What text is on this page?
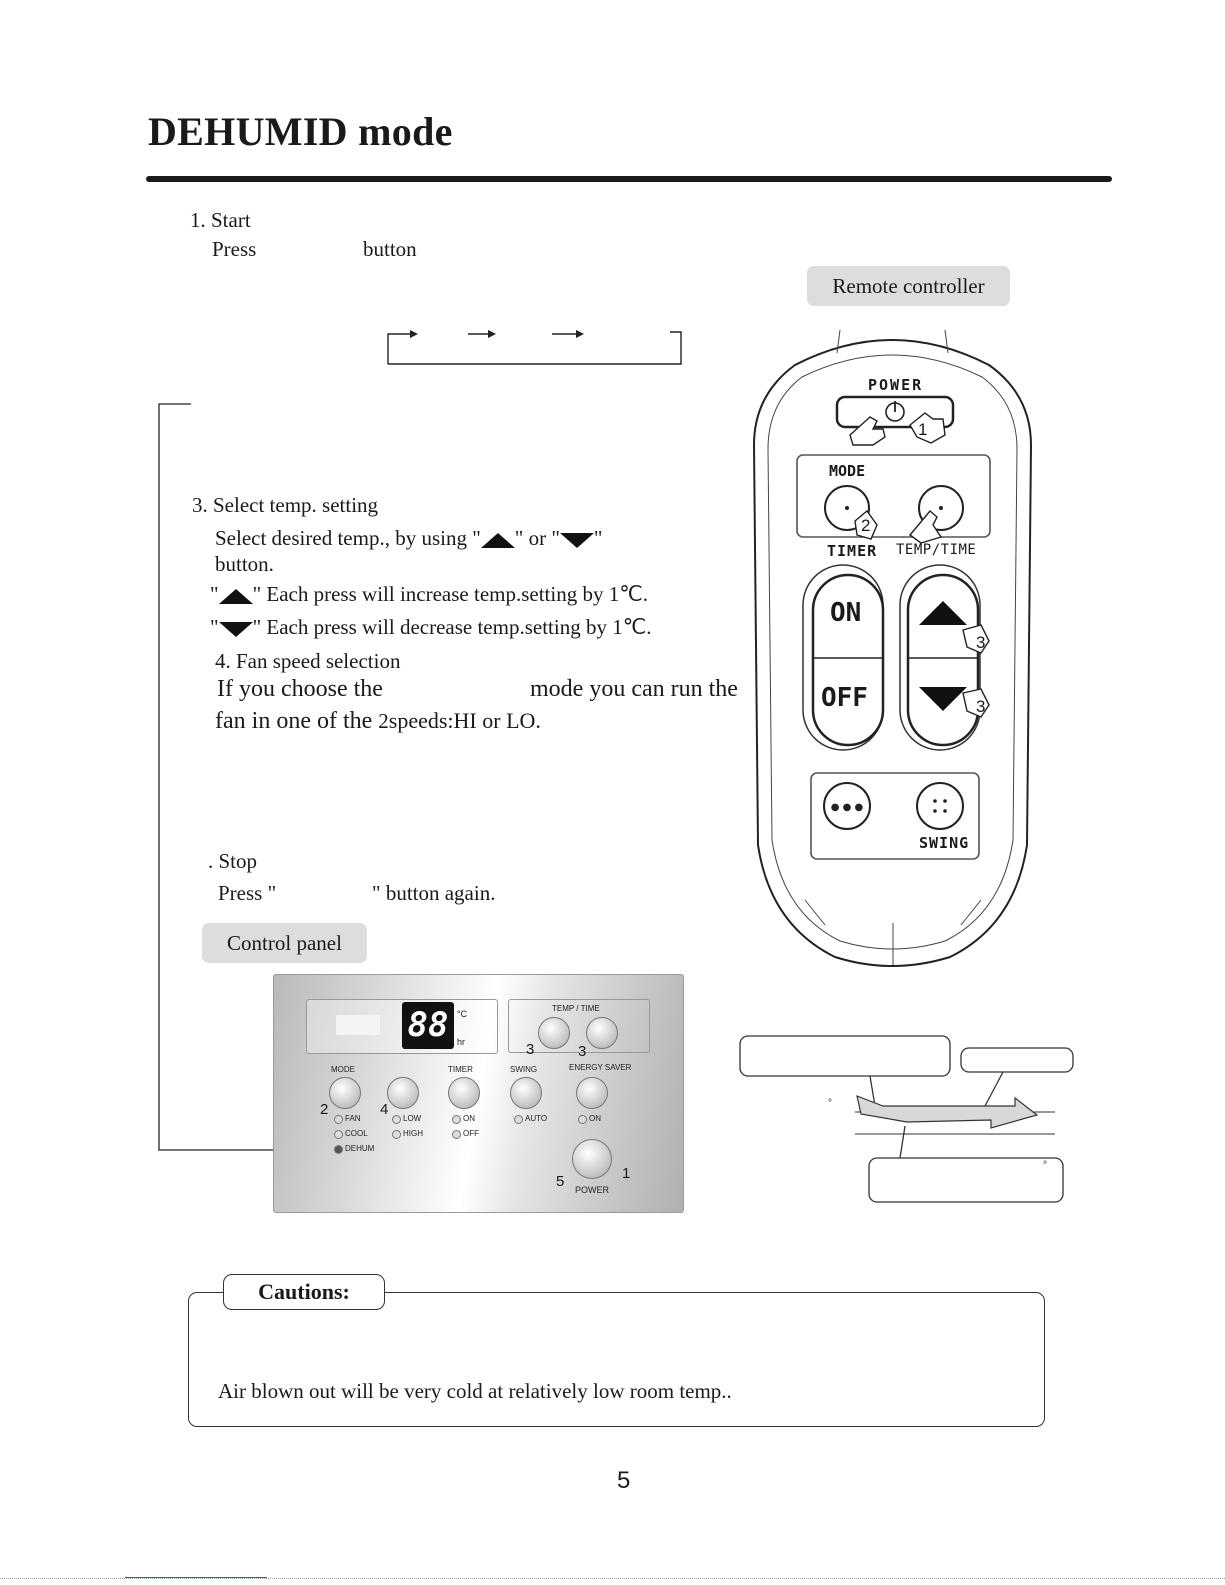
DEHUMID mode
1. Start
Press	button
Remote controller
3. Select temp. setting
Select desired temp., by using " " or " "
button.
" " Each press will increase temp.setting by 1℃.
" " Each press will decrease temp.setting by 1℃.
4. Fan speed selection
If you choose the	mode you can run the
fan in one of the 2speeds:HI or LO.
. Stop
Press "	" button again.
Control panel
● ● ●
POWER
MODE
TIMER TEMP/TIME
ON
OFF
SWING
1
2
3
3
88 °C
hr
TEMP / TIME
3	3
MODE	TIMER	SWING	ENERGY SAVER
2	4
FAN
COOL
DEHUM
LOW
HIGH
ON
OFF
AUTO	ON
POWER
5	1
°
°
Cautions:
Air blown out will be very cold at relatively low room temp..
5
